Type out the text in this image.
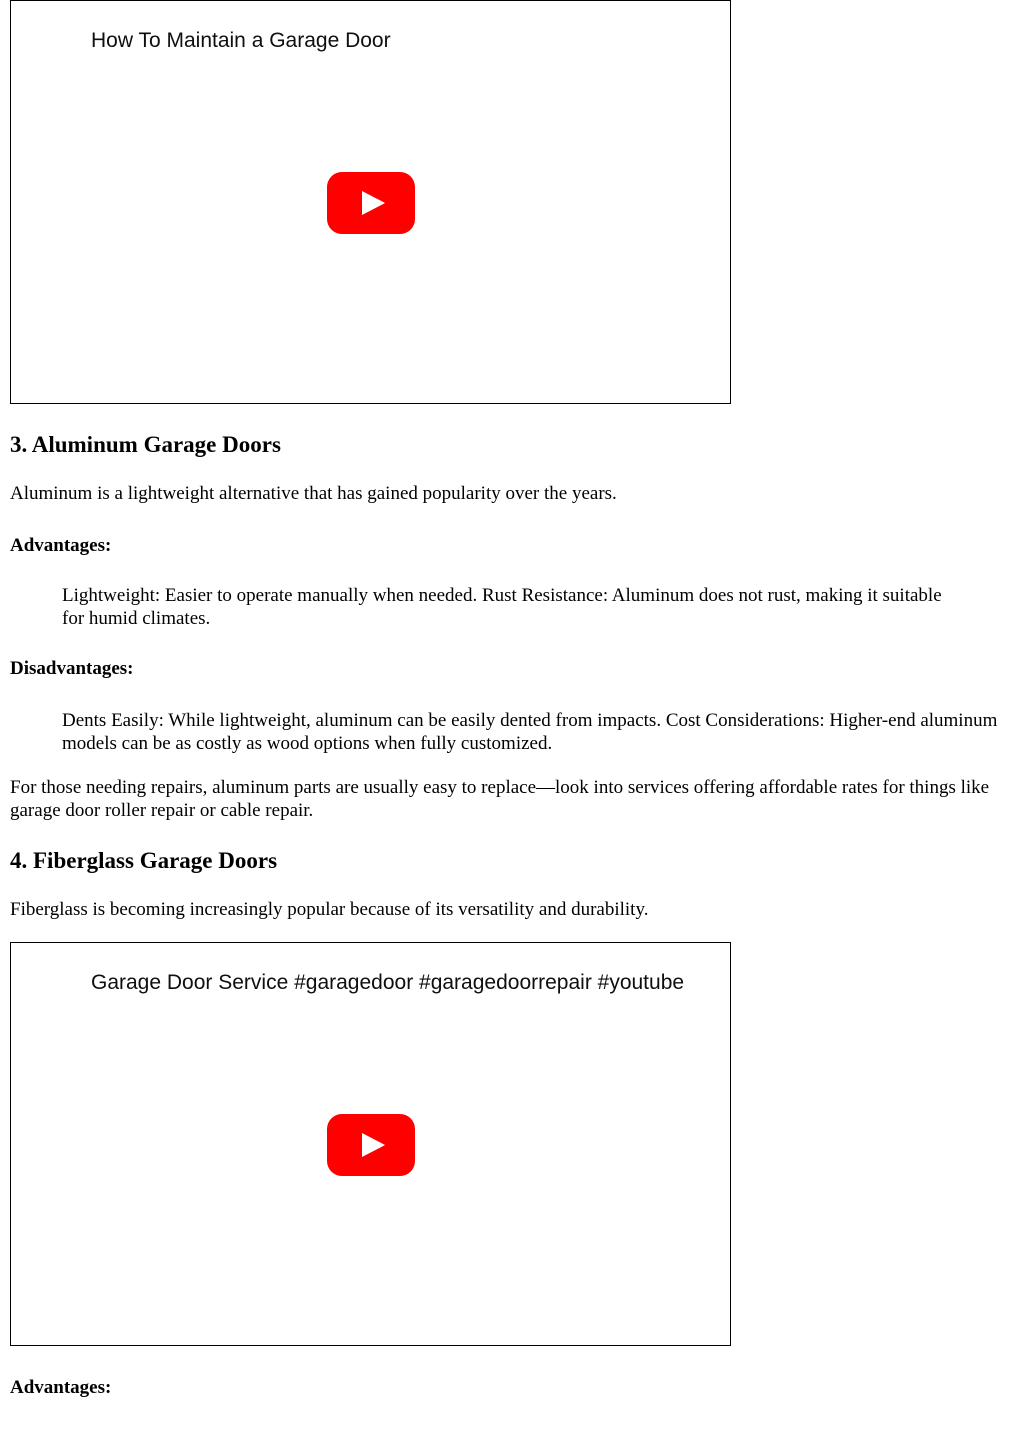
How To Maintain a Garage Door
3. Aluminum Garage Doors

Aluminum is a lightweight alternative that has gained popularity over the years.

Advantages:

Lightweight: Easier to operate manually when needed. Rust Resistance: Aluminum does not rust, making it suitable for humid climates.

Disadvantages:

Dents Easily: While lightweight, aluminum can be easily dented from impacts. Cost Considerations: Higher-end aluminum models can be as costly as wood options when fully customized.

For those needing repairs, aluminum parts are usually easy to replace—look into services offering affordable rates for things like garage door roller repair or cable repair.

4. Fiberglass Garage Doors

Fiberglass is becoming increasingly popular because of its versatility and durability.

Garage Door Service #garagedoor #garagedoorrepair #youtube

Advantages:
